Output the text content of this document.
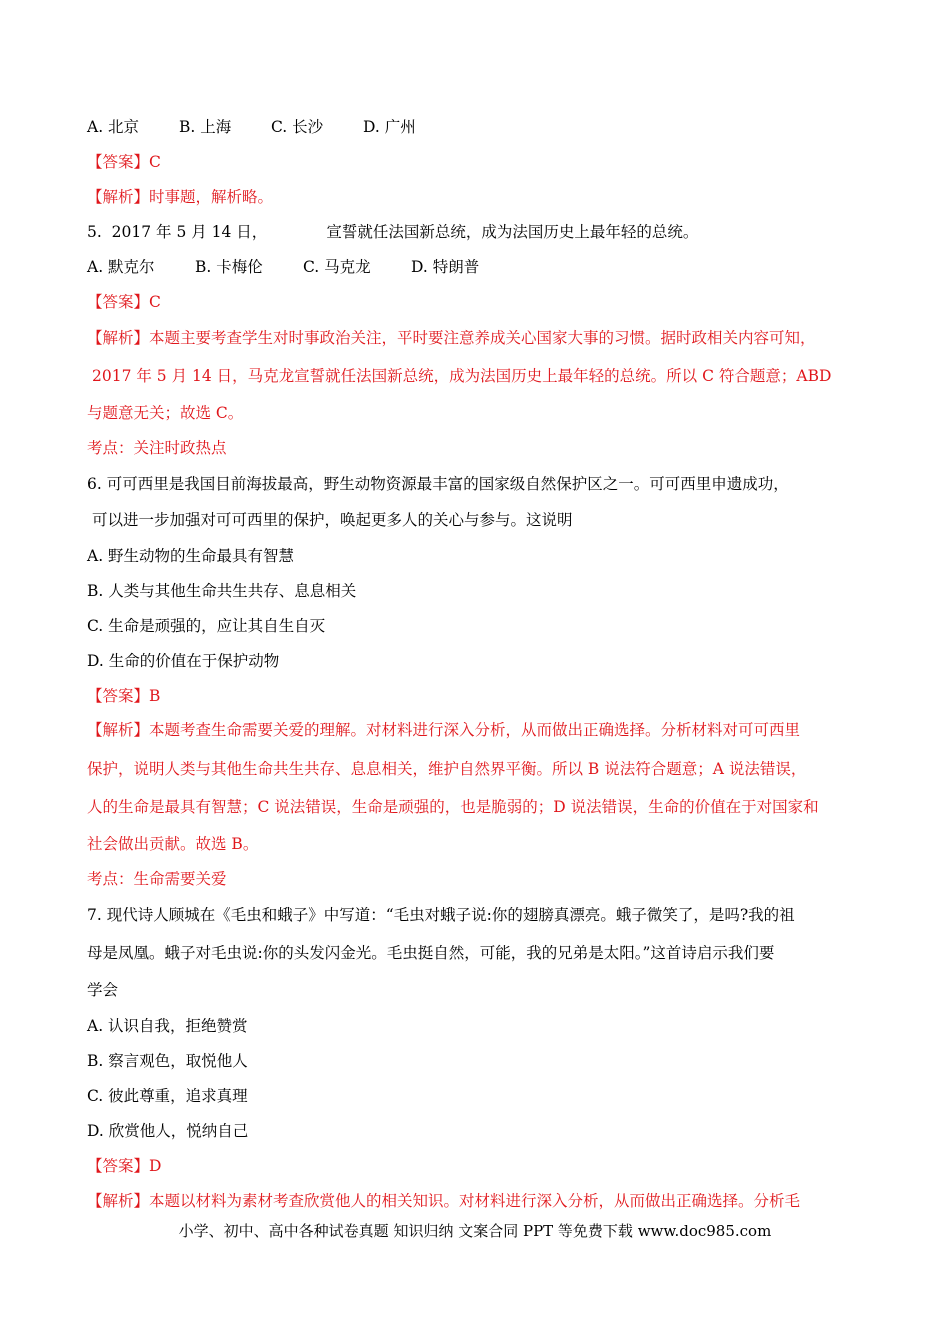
A. 北京	B. 上海	C. 长沙	D. 广州
【答案】C
【解析】时事题，解析略。
5.  2017 年 5 月 14 日，            宣誓就任法国新总统，成为法国历史上最年轻的总统。
A. 默克尔	B. 卡梅伦	C. 马克龙	D. 特朗普
【答案】C
【解析】本题主要考查学生对时事政治关注，平时要注意养成关心国家大事的习惯。据时政相关内容可知，
2017 年 5 月 14 日，马克龙宣誓就任法国新总统，成为法国历史上最年轻的总统。所以 C 符合题意；ABD
与题意无关；故选 C。
考点：关注时政热点
6. 可可西里是我国目前海拔最高，野生动物资源最丰富的国家级自然保护区之一。可可西里申遗成功，
可以进一步加强对可可西里的保护，唤起更多人的关心与参与。这说明
A. 野生动物的生命最具有智慧
B. 人类与其他生命共生共存、息息相关
C. 生命是顽强的，应让其自生自灭
D. 生命的价值在于保护动物
【答案】B
【解析】本题考查生命需要关爱的理解。对材料进行深入分析，从而做出正确选择。分析材料对可可西里
保护，说明人类与其他生命共生共存、息息相关，维护自然界平衡。所以 B 说法符合题意；A 说法错误，
人的生命是最具有智慧；C 说法错误，生命是顽强的，也是脆弱的；D 说法错误，生命的价值在于对国家和
社会做出贡献。故选 B。
考点：生命需要关爱
7. 现代诗人顾城在《毛虫和蛾子》中写道：“毛虫对蛾子说:你的翅膀真漂亮。蛾子微笑了，是吗?我的祖
母是凤凰。蛾子对毛虫说:你的头发闪金光。毛虫挺自然，可能，我的兄弟是太阳。”这首诗启示我们要
学会
A. 认识自我，拒绝赞赏
B. 察言观色，取悦他人
C. 彼此尊重，追求真理
D. 欣赏他人，悦纳自己
【答案】D
【解析】本题以材料为素材考查欣赏他人的相关知识。对材料进行深入分析，从而做出正确选择。分析毛
小学、初中、高中各种试卷真题 知识归纳 文案合同 PPT 等免费下载 www.doc985.com
